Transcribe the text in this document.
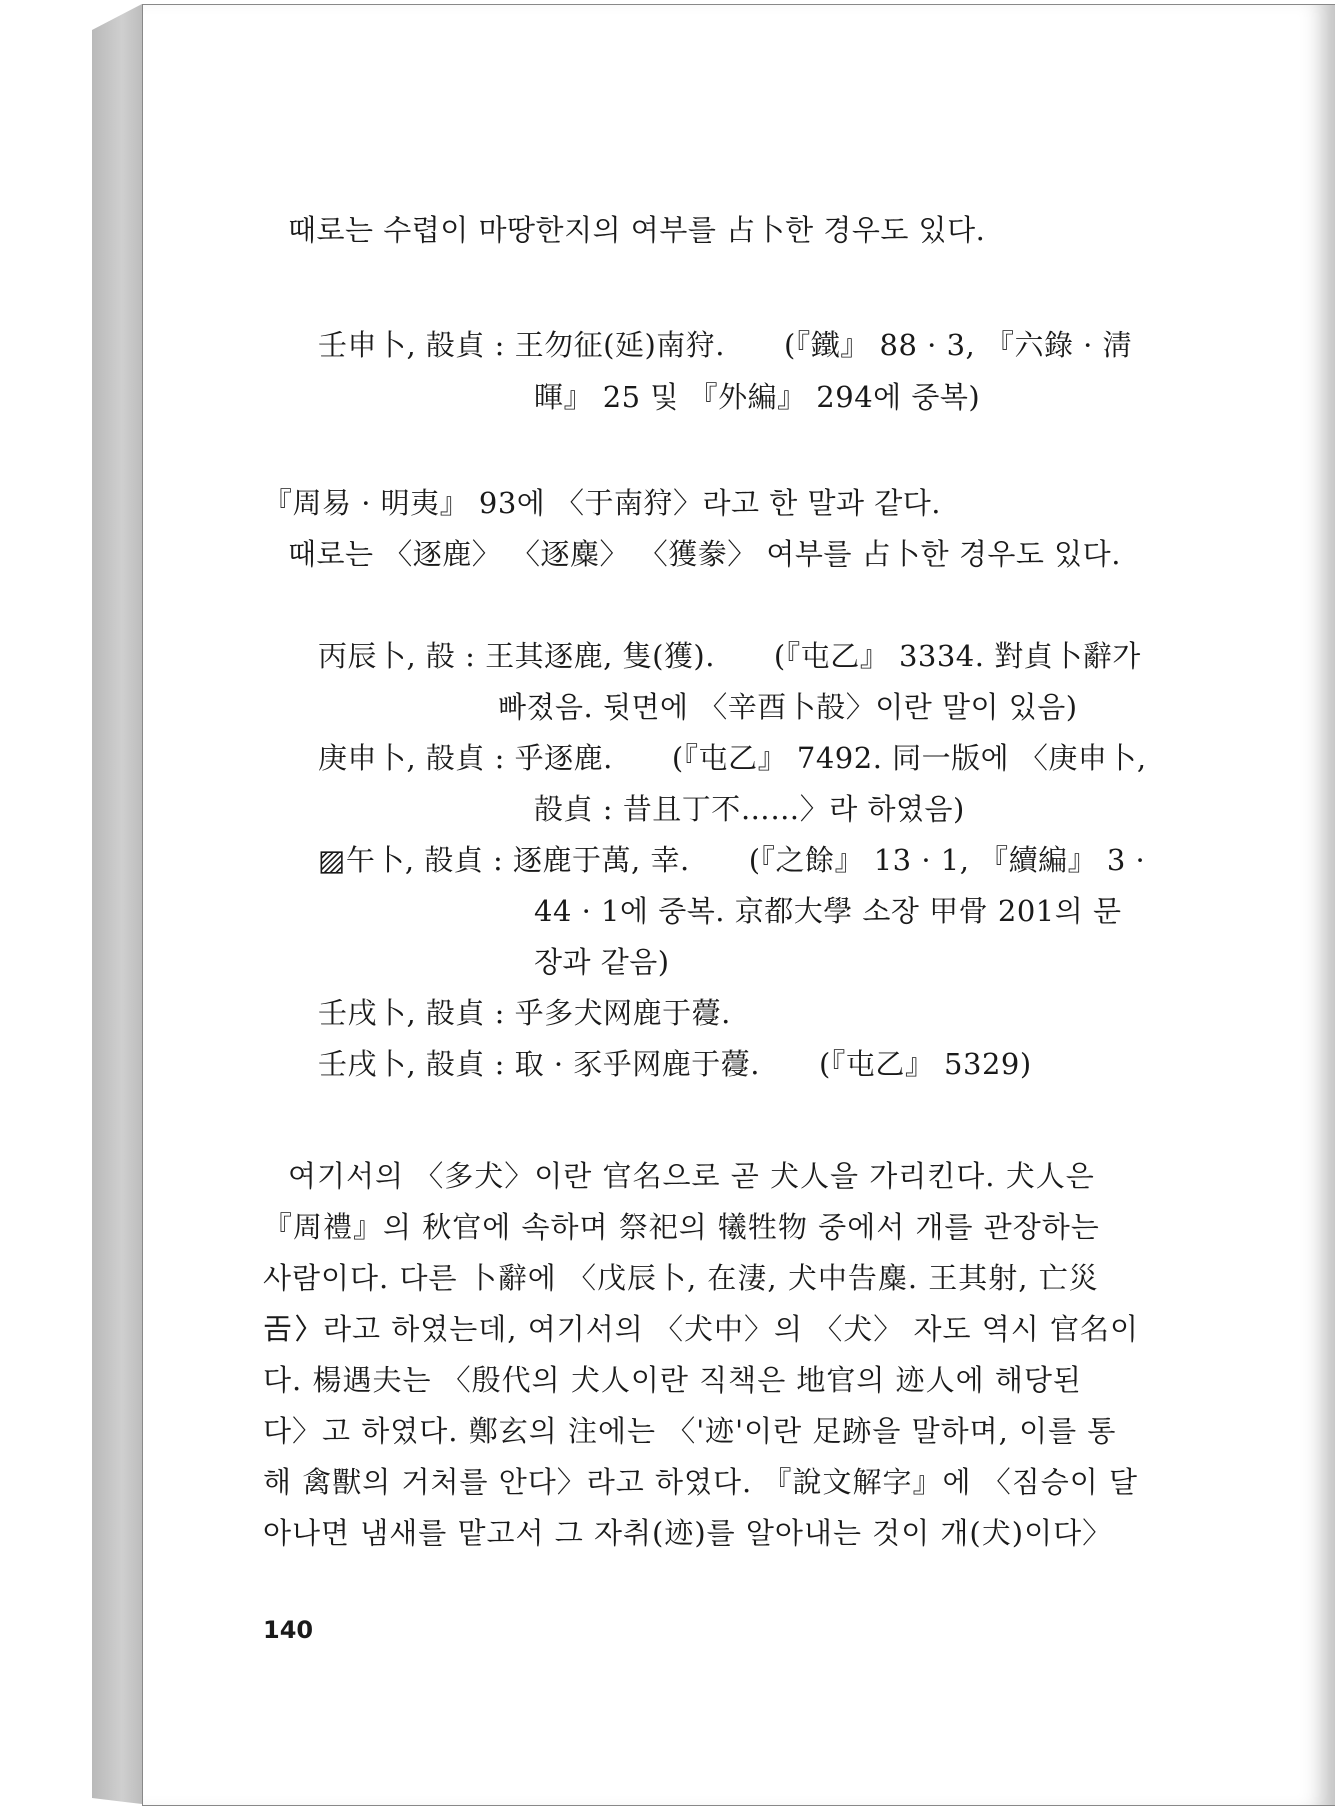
때로는 수렵이 마땅한지의 여부를 占卜한 경우도 있다.
壬申卜, 㱿貞 : 王勿征(延)南狩.　　(『鐵』 88 · 3, 『六錄 · 淸
暉』 25 및 『外編』 294에 중복)
『周易 · 明夷』 93에 〈于南狩〉라고 한 말과 같다.
때로는 〈逐鹿〉 〈逐麋〉 〈獲豢〉 여부를 占卜한 경우도 있다.
丙辰卜, 㱿 : 王其逐鹿, 隻(獲).　　(『屯乙』 3334. 對貞卜辭가
빠졌음. 뒷면에 〈辛酉卜㱿〉이란 말이 있음)
庚申卜, 㱿貞 : 乎逐鹿.　　(『屯乙』 7492. 同一版에 〈庚申卜,
㱿貞 : 昔且丁不……〉라 하였음)
▨午卜, 㱿貞 : 逐鹿于萬, 幸.　　(『之餘』 13 · 1, 『續編』 3 ·
44 · 1에 중복. 京都大學 소장 甲骨 201의 문
장과 같음)
壬戌卜, 㱿貞 : 乎多犬网鹿于蘉.
壬戌卜, 㱿貞 : 取 · 豕乎网鹿于蘉.　　(『屯乙』 5329)
여기서의 〈多犬〉이란 官名으로 곧 犬人을 가리킨다. 犬人은
『周禮』의 秋官에 속하며 祭祀의 犧牲物 중에서 개를 관장하는
사람이다. 다른 卜辭에 〈戊辰卜, 在淒, 犬中告麋. 王其射, 亡災
𢀛〉라고 하였는데, 여기서의 〈犬中〉의 〈犬〉 자도 역시 官名이
다. 楊遇夫는 〈殷代의 犬人이란 직책은 地官의 迹人에 해당된
다〉고 하였다. 鄭玄의 注에는 〈'迹'이란 足跡을 말하며, 이를 통
해 禽獸의 거처를 안다〉라고 하였다. 『說文解字』에 〈짐승이 달
아나면 냄새를 맡고서 그 자취(迹)를 알아내는 것이 개(犬)이다〉
140
